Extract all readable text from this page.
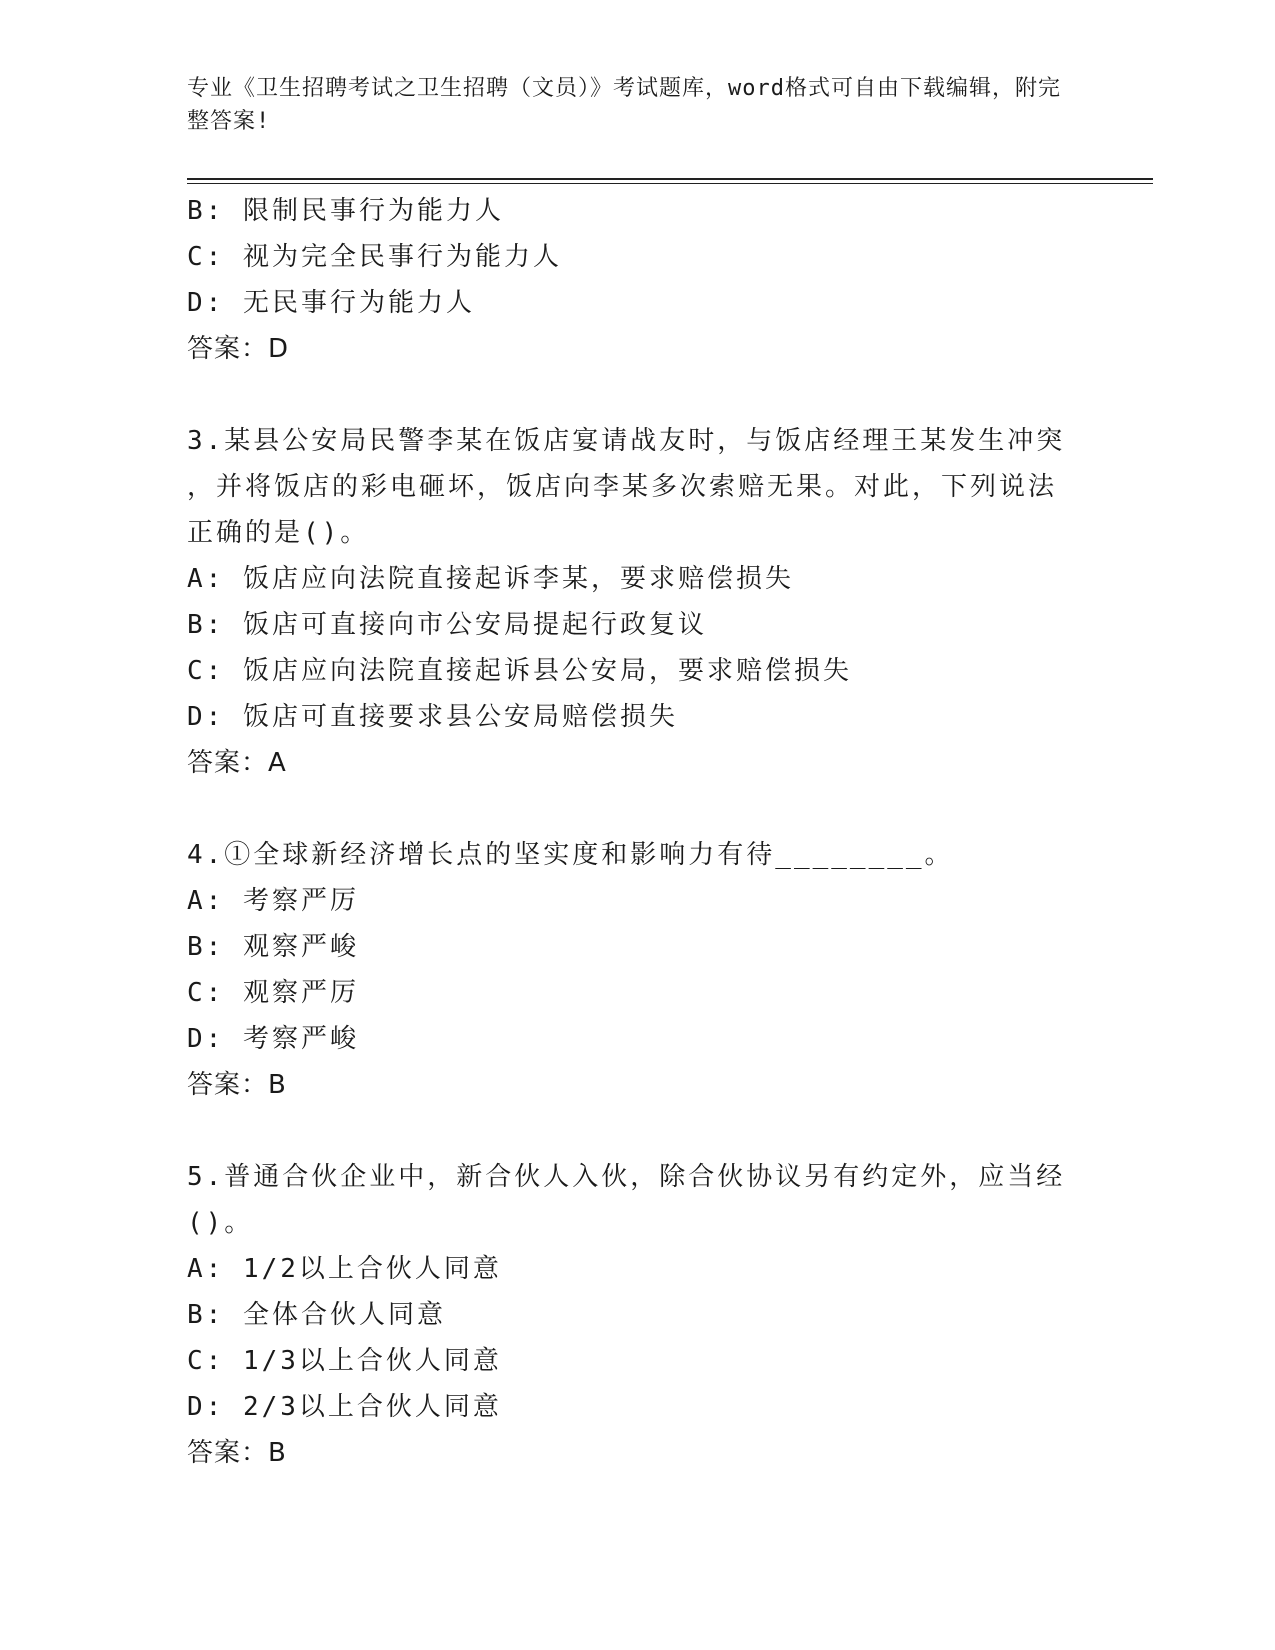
专业《卫生招聘考试之卫生招聘（文员）》考试题库，word格式可自由下载编辑，附完整答案!
B: 限制民事行为能力人
C: 视为完全民事行为能力人
D: 无民事行为能力人
答案：D
3.某县公安局民警李某在饭店宴请战友时，与饭店经理王某发生冲突
，并将饭店的彩电砸坏，饭店向李某多次索赔无果。对此，下列说法
正确的是()。
A: 饭店应向法院直接起诉李某，要求赔偿损失
B: 饭店可直接向市公安局提起行政复议
C: 饭店应向法院直接起诉县公安局，要求赔偿损失
D: 饭店可直接要求县公安局赔偿损失
答案：A
4.①全球新经济增长点的坚实度和影响力有待________。
A: 考察严厉
B: 观察严峻
C: 观察严厉
D: 考察严峻
答案：B
5.普通合伙企业中，新合伙人入伙，除合伙协议另有约定外，应当经
()。
A: 1/2以上合伙人同意
B: 全体合伙人同意
C: 1/3以上合伙人同意
D: 2/3以上合伙人同意
答案：B
